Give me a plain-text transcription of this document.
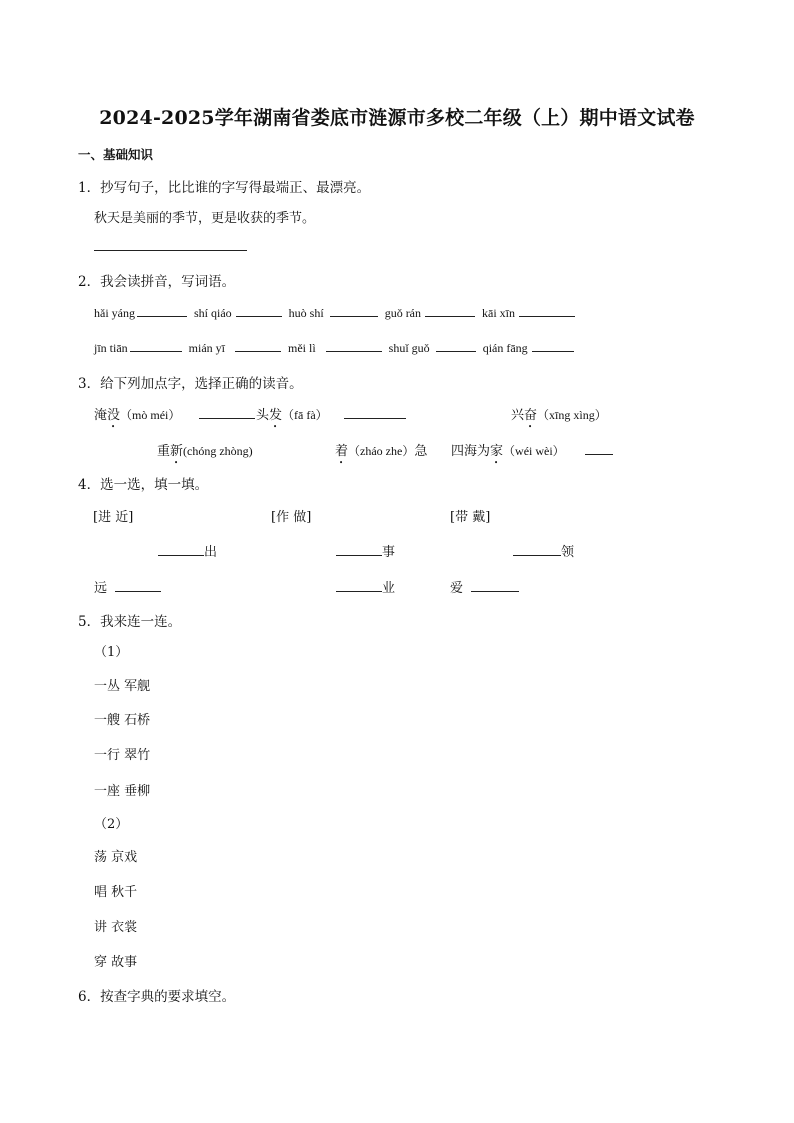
2024-2025学年湖南省娄底市涟源市多校二年级（上）期中语文试卷
一、基础知识
1．抄写句子，比比谁的字写得最端正、最漂亮。
秋天是美丽的季节，更是收获的季节。
2．我会读拼音，写词语。
hǎi yáng	shí qiáo	huò shí	guǒ rán	kāi xīn
jīn tiān	mián yī	měi lì	shuǐ guǒ	qián fāng
3．给下列加点字，选择正确的读音。
淹没（mò méi）	头发（fā fà）	兴奋（xīng xìng）
重新(chóng zhòng)	着（zháo zhe）急 四海为家（wéi wèi）
4．选一选，填一填。
[进 近]	[作 做]	[带 戴]
出	事	领
远	业	爱
5．我来连一连。
（1）
一丛 军舰
一艘 石桥
一行 翠竹
一座 垂柳
（2）
荡 京戏
唱 秋千
讲 衣裳
穿 故事
6．按查字典的要求填空。
